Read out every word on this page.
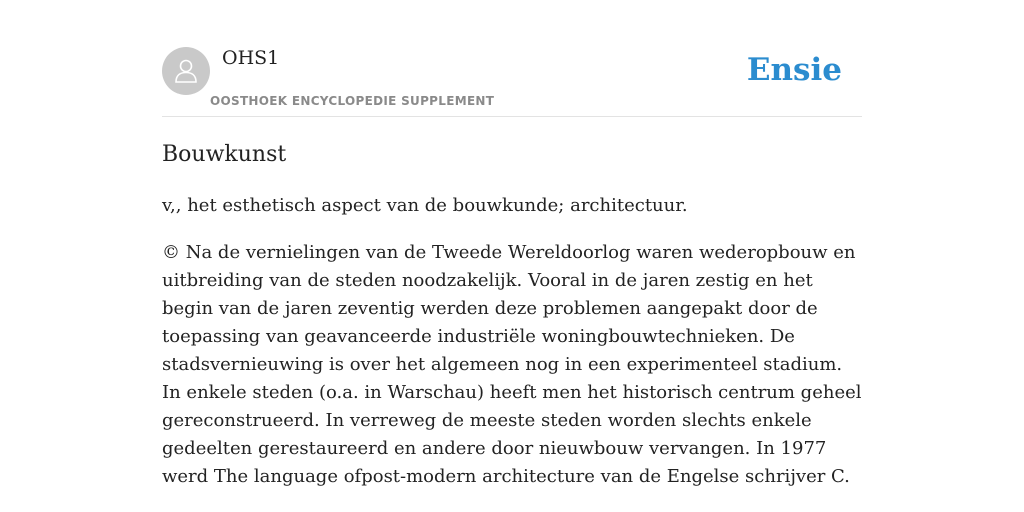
OHS1
OOSTHOEK ENCYCLOPEDIE SUPPLEMENT
Ensie
Bouwkunst

v,, het esthetisch aspect van de bouwkunde; architectuur.

© Na de vernielingen van de Tweede Wereldoorlog waren wederopbouw en uitbreiding van de steden noodzakelijk. Vooral in de jaren zestig en het begin van de jaren zeventig werden deze problemen aangepakt door de toepassing van geavanceerde industriële woningbouwtechnieken. De stadsvernieuwing is over het algemeen nog in een experimenteel stadium. In enkele steden (o.a. in Warschau) heeft men het historisch centrum geheel gereconstrueerd. In verreweg de meeste steden worden slechts enkele gedeelten gerestaureerd en andere door nieuwbouw vervangen. In 1977 werd The language ofpost-modern architecture van de Engelse schrijver C.
